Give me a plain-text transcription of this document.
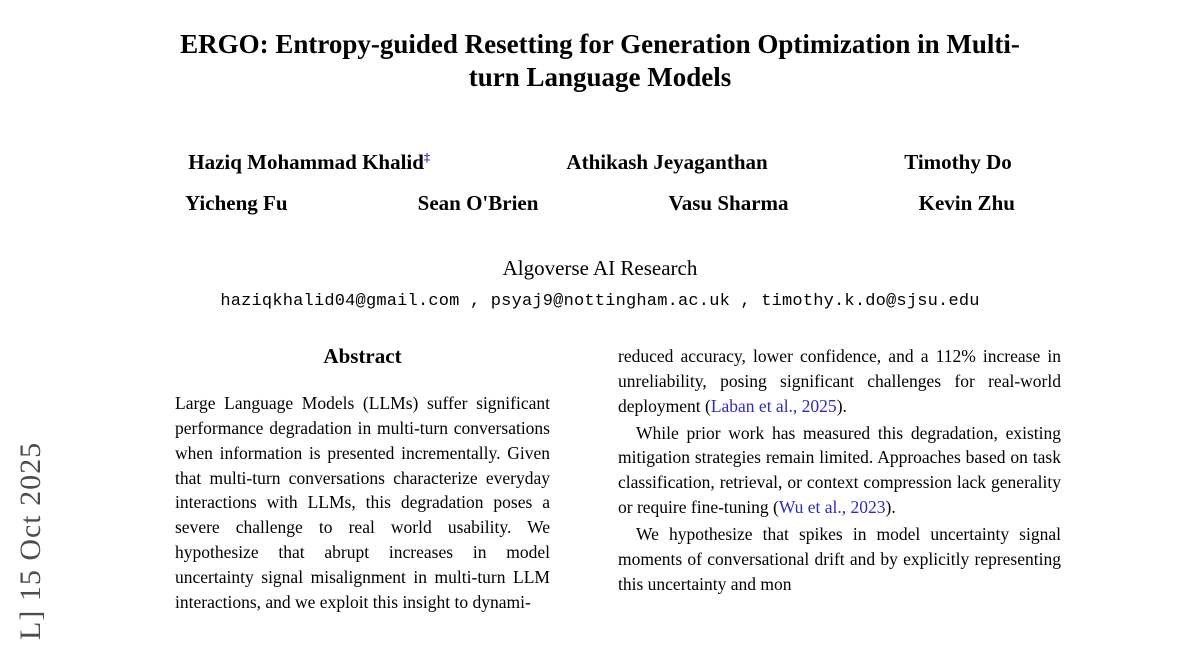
L] 15 Oct 2025
ERGO: Entropy-guided Resetting for Generation Optimization in Multi-turn Language Models
Haziq Mohammad Khalid‡	Athikash Jeyaganthan	Timothy Do
Yicheng Fu	Sean O'Brien	Vasu Sharma	Kevin Zhu
Algoverse AI Research
haziqkhalid04@gmail.com , psyaj9@nottingham.ac.uk , timothy.k.do@sjsu.edu
Abstract

Large Language Models (LLMs) suffer significant performance degradation in multi-turn conversations when information is presented incrementally. Given that multi-turn conversations characterize everyday interactions with LLMs, this degradation poses a severe challenge to real world usability. We hypothesize that abrupt increases in model uncertainty signal misalignment in multi-turn LLM interactions, and we exploit this insight to dynami-

reduced accuracy, lower confidence, and a 112% increase in unreliability, posing significant challenges for real-world deployment (Laban et al., 2025).

While prior work has measured this degradation, existing mitigation strategies remain limited. Approaches based on task classification, retrieval, or context compression lack generality or require fine-tuning (Wu et al., 2023).

We hypothesize that spikes in model uncertainty signal moments of conversational drift and by explicitly representing this uncertainty and mon
